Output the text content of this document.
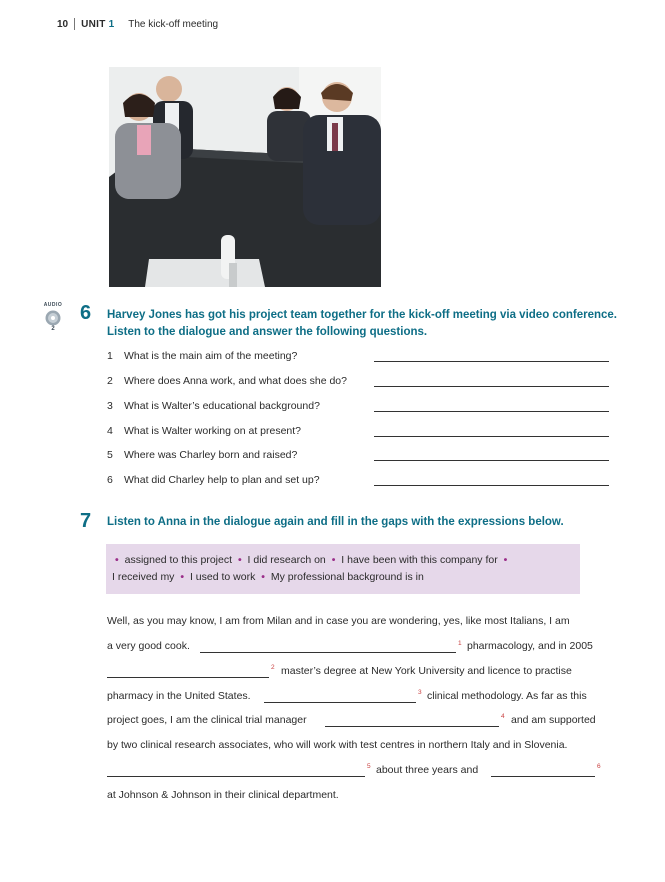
10 UNIT 1 The kick-off meeting
AUDIO
2
6 Harvey Jones has got his project team together for the kick-off meeting via video conference.
Listen to the dialogue and answer the following questions.
1 What is the main aim of the meeting?
2 Where does Anna work, and what does she do?
3 What is Walter’s educational background?
4 What is Walter working on at present?
5 Where was Charley born and raised?
6 What did Charley help to plan and set up?
7 Listen to Anna in the dialogue again and fill in the gaps with the expressions below.
• assigned to this project • I did research on • I have been with this company for •
I received my • I used to work • My professional background is in
Well, as you may know, I am from Milan and in case you are wondering, yes, like most Italians, I am
a very good cook.	1 pharmacology, and in 2005
2 master’s degree at New York University and licence to practise
pharmacy in the United States.	3 clinical methodology. As far as this
project goes, I am the clinical trial manager	4 and am supported
by two clinical research associates, who will work with test centres in northern Italy and in Slovenia.
5 about three years and	6
at Johnson & Johnson in their clinical department.
